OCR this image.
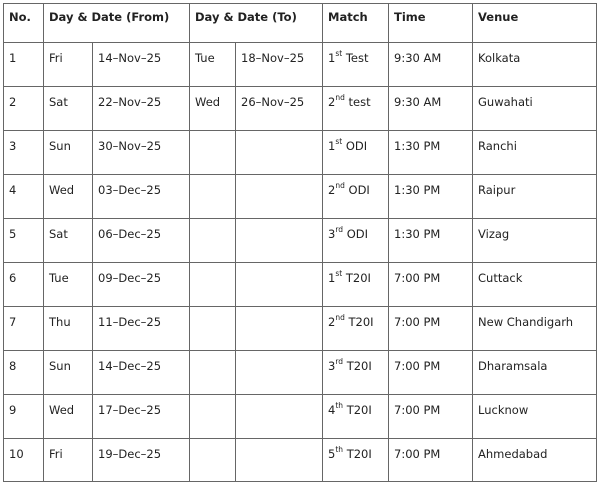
No.	Day & Date (From)		Day & Date (To)		Match	Time	Venue
1	Fri	14–Nov–25	Tue	18–Nov–25	1st Test	9:30 AM	Kolkata
2	Sat	22–Nov–25	Wed	26–Nov–25	2nd test	9:30 AM	Guwahati
3	Sun	30–Nov–25			1st ODI	1:30 PM	Ranchi
4	Wed	03–Dec–25			2nd ODI	1:30 PM	Raipur
5	Sat	06–Dec–25			3rd ODI	1:30 PM	Vizag
6	Tue	09–Dec–25			1st T20I	7:00 PM	Cuttack
7	Thu	11–Dec–25			2nd T20I	7:00 PM	New Chandigarh
8	Sun	14–Dec–25			3rd T20I	7:00 PM	Dharamsala
9	Wed	17–Dec–25			4th T20I	7:00 PM	Lucknow
10	Fri	19–Dec–25			5th T20I	7:00 PM	Ahmedabad
